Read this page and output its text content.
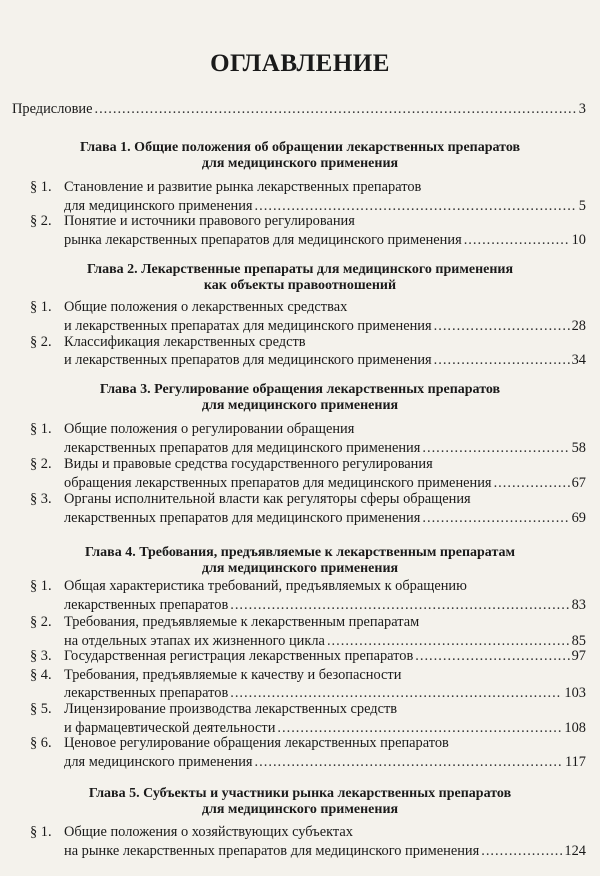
ОГЛАВЛЕНИЕ
Предисловие .....	3
Глава 1. Общие положения об обращении лекарственных препаратов
для медицинского применения
§ 1. Становление и развитие рынка лекарственных препаратов
для медицинского применения .....	5
§ 2. Понятие и источники правового регулирования
рынка лекарственных препаратов для медицинского применения .....	10
Глава 2. Лекарственные препараты для медицинского применения
как объекты правоотношений
§ 1. Общие положения о лекарственных средствах
и лекарственных препаратах для медицинского применения .....	28
§ 2. Классификация лекарственных средств
и лекарственных препаратов для медицинского применения .....	34
Глава 3. Регулирование обращения лекарственных препаратов
для медицинского применения
§ 1. Общие положения о регулировании обращения
лекарственных препаратов для медицинского применения .....	58
§ 2. Виды и правовые средства государственного регулирования
обращения лекарственных препаратов для медицинского применения .....	67
§ 3. Органы исполнительной власти как регуляторы сферы обращения
лекарственных препаратов для медицинского применения .....	69
Глава 4. Требования, предъявляемые к лекарственным препаратам
для медицинского применения
§ 1. Общая характеристика требований, предъявляемых к обращению
лекарственных препаратов .....	83
§ 2. Требования, предъявляемые к лекарственным препаратам
на отдельных этапах их жизненного цикла .....	85
§ 3. Государственная регистрация лекарственных препаратов .....	97
§ 4. Требования, предъявляемые к качеству и безопасности
лекарственных препаратов .....	103
§ 5. Лицензирование производства лекарственных средств
и фармацевтической деятельности .....	108
§ 6. Ценовое регулирование обращения лекарственных препаратов
для медицинского применения .....	117
Глава 5. Субъекты и участники рынка лекарственных препаратов
для медицинского применения
§ 1. Общие положения о хозяйствующих субъектах
на рынке лекарственных препаратов для медицинского применения .....	124
